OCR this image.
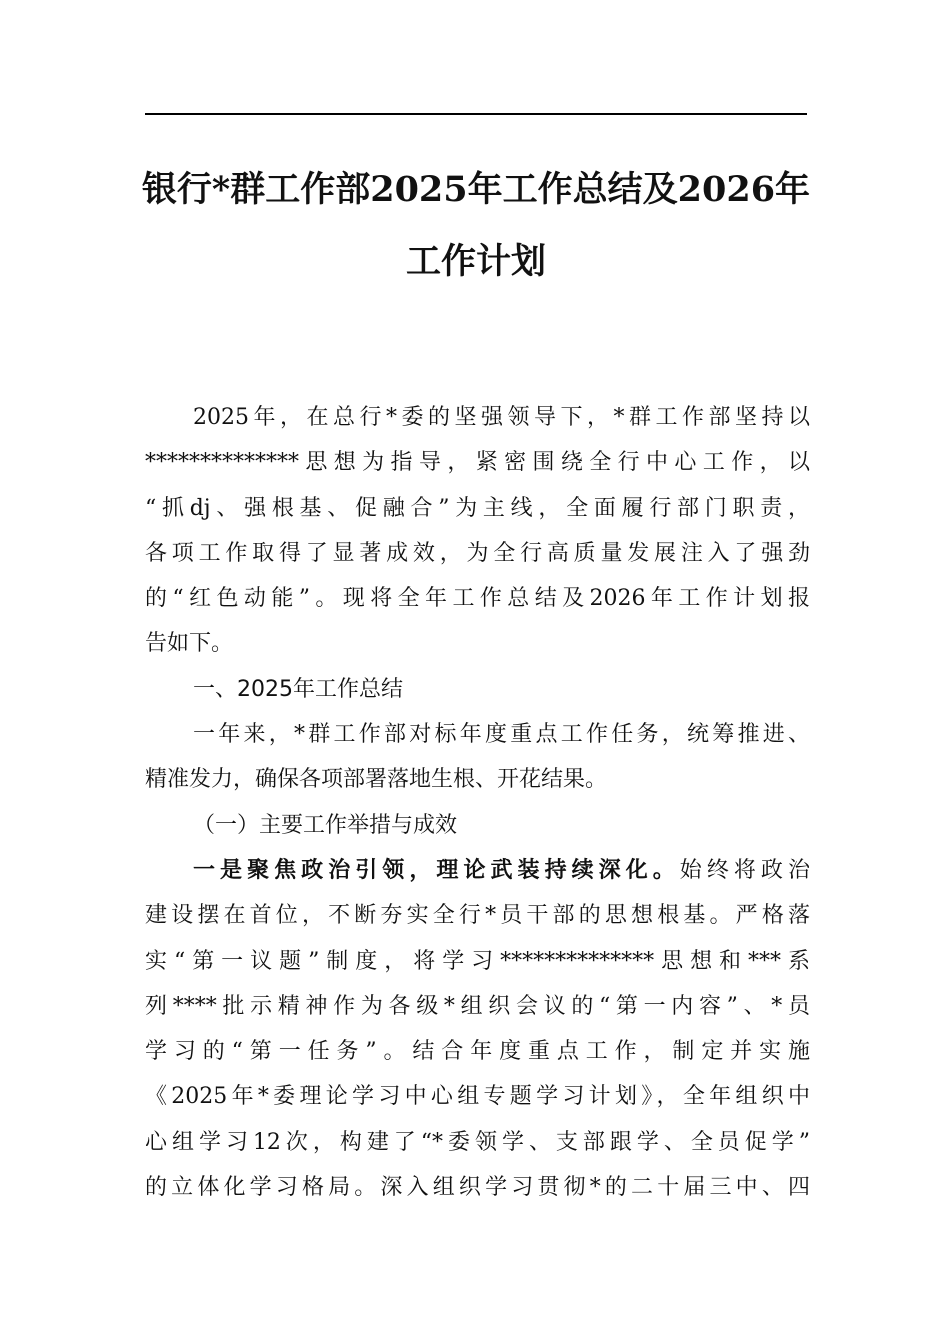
银行*群工作部2025年工作总结及2026年
工作计划
2025年，在总行*委的坚强领导下，*群工作部坚持以
**************思想为指导，紧密围绕全行中心工作，以
“抓dj、强根基、促融合”为主线，全面履行部门职责，
各项工作取得了显著成效，为全行高质量发展注入了强劲
的“红色动能”。现将全年工作总结及2026年工作计划报
告如下。
一、2025年工作总结
一年来，*群工作部对标年度重点工作任务，统筹推进、
精准发力，确保各项部署落地生根、开花结果。
（一）主要工作举措与成效
一是聚焦政治引领，理论武装持续深化。始终将政治
建设摆在首位，不断夯实全行*员干部的思想根基。严格落
实“第一议题”制度，将学习**************思想和***系
列****批示精神作为各级*组织会议的“第一内容”、*员
学习的“第一任务”。结合年度重点工作，制定并实施
《2025年*委理论学习中心组专题学习计划》，全年组织中
心组学习12次，构建了“*委领学、支部跟学、全员促学”
的立体化学习格局。深入组织学习贯彻*的二十届三中、四
